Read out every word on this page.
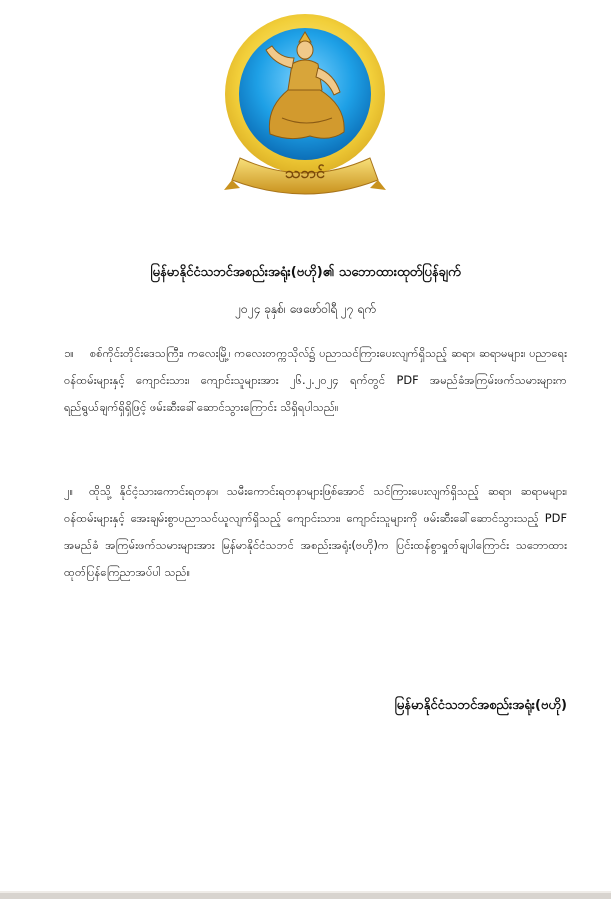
သဘင်
မြန်မာနိုင်ငံသဘင်အစည်းအရုံး(ဗဟို)၏ သဘောထားထုတ်ပြန်ချက်
၂၀၂၄ ခုနှစ်၊ ဖေဖော်ဝါရီ ၂၇ ရက်
၁။ စစ်ကိုင်းတိုင်းဒေသကြီး၊ ကလေးမြို့၊ ကလေးတက္ကသိုလ်၌ ပညာသင်ကြားပေးလျက်ရှိသည့် ဆရာ၊ ဆရာမများ၊ ပညာရေးဝန်ထမ်းများနှင့် ကျောင်းသား၊ ကျောင်းသူများအား ၂၆.၂.၂၀၂၄ ရက်တွင် PDF အမည်ခံအကြမ်းဖက်သမားများက ရည်ရွယ်ချက်ရှိရှိဖြင့် ဖမ်းဆီးခေါ်ဆောင်သွားကြောင်း သိရှိရပါသည်။
၂။ ထိုသို့ နိုင်ငံ့သားကောင်းရတနာ၊ သမီးကောင်းရတနာများဖြစ်အောင် သင်ကြားပေးလျက်ရှိသည့် ဆရာ၊ ဆရာမများ၊ ဝန်ထမ်းများနှင့် အေးချမ်းစွာပညာသင်ယူလျက်ရှိသည့် ကျောင်းသား၊ ကျောင်းသူများကို ဖမ်းဆီးခေါ်ဆောင်သွားသည့် PDF အမည်ခံ အကြမ်းဖက်သမားများအား မြန်မာနိုင်ငံသဘင် အစည်းအရုံး(ဗဟို)က ပြင်းထန်စွာရှုတ်ချပါကြောင်း သဘောထား ထုတ်ပြန်ကြေညာအပ်ပါ သည်။
မြန်မာနိုင်ငံသဘင်အစည်းအရုံး(ဗဟို)
